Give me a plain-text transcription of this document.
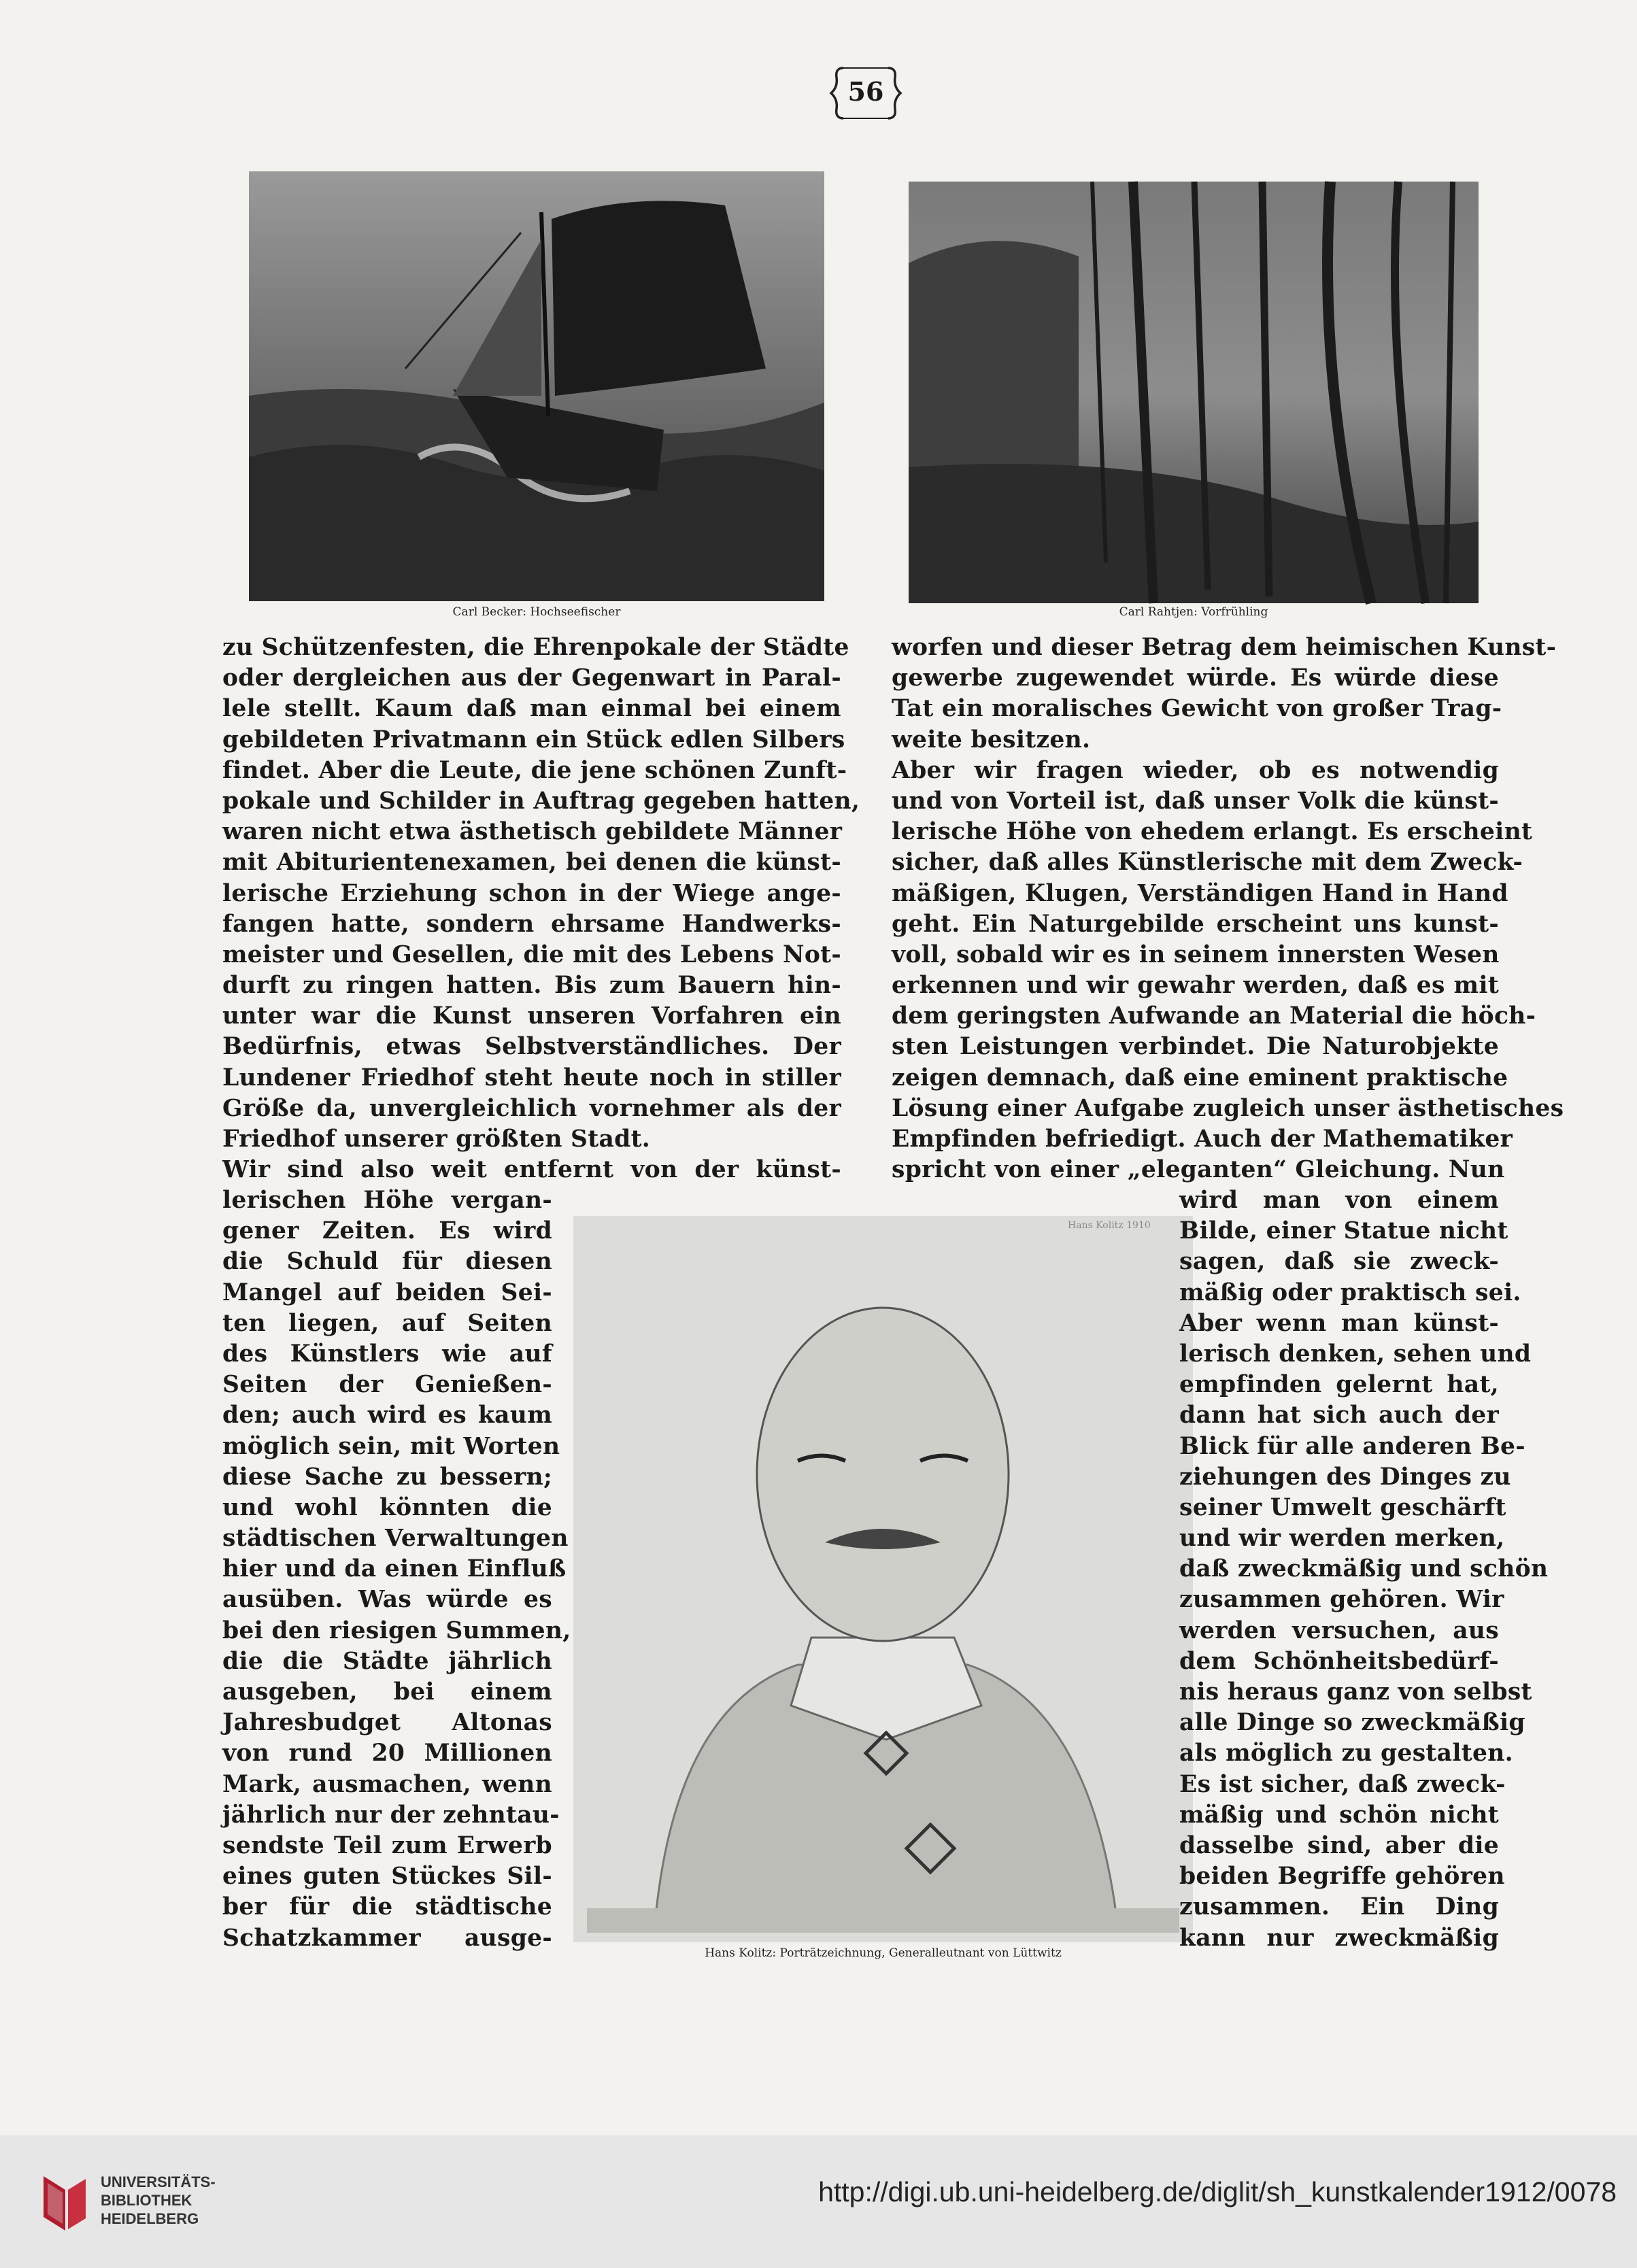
56
Carl Becker: Hochseefischer	Carl Rahtjen: Vorfrühling
Hans Kolitz 1910
Hans Kolitz: Porträtzeichnung, Generalleutnant von Lüttwitz
zu Schützenfesten, die Ehrenpokale der Städte
oder dergleichen aus der Gegenwart in Paral-
lele stellt. Kaum daß man einmal bei einem
gebildeten Privatmann ein Stück edlen Silbers
findet. Aber die Leute, die jene schönen Zunft-
pokale und Schilder in Auftrag gegeben hatten,
waren nicht etwa ästhetisch gebildete Männer
mit Abiturientenexamen, bei denen die künst-
lerische Erziehung schon in der Wiege ange-
fangen hatte, sondern ehrsame Handwerks-
meister und Gesellen, die mit des Lebens Not-
durft zu ringen hatten. Bis zum Bauern hin-
unter war die Kunst unseren Vorfahren ein
Bedürfnis, etwas Selbstverständliches. Der
Lundener Friedhof steht heute noch in stiller
Größe da, unvergleichlich vornehmer als der
Friedhof unserer größten Stadt.
Wir sind also weit entfernt von der künst-
lerischen Höhe vergan-
gener Zeiten. Es wird
die Schuld für diesen
Mangel auf beiden Sei-
ten liegen, auf Seiten
des Künstlers wie auf
Seiten der Genießen-
den; auch wird es kaum
möglich sein, mit Worten
diese Sache zu bessern;
und wohl könnten die
städtischen Verwaltungen
hier und da einen Einfluß
ausüben. Was würde es
bei den riesigen Summen,
die die Städte jährlich
ausgeben, bei einem
Jahresbudget Altonas
von rund 20 Millionen
Mark, ausmachen, wenn
jährlich nur der zehntau-
sendste Teil zum Erwerb
eines guten Stückes Sil-
ber für die städtische
Schatzkammer ausge-
worfen und dieser Betrag dem heimischen Kunst-
gewerbe zugewendet würde. Es würde diese
Tat ein moralisches Gewicht von großer Trag-
weite besitzen.
Aber wir fragen wieder, ob es notwendig
und von Vorteil ist, daß unser Volk die künst-
lerische Höhe von ehedem erlangt. Es erscheint
sicher, daß alles Künstlerische mit dem Zweck-
mäßigen, Klugen, Verständigen Hand in Hand
geht. Ein Naturgebilde erscheint uns kunst-
voll, sobald wir es in seinem innersten Wesen
erkennen und wir gewahr werden, daß es mit
dem geringsten Aufwande an Material die höch-
sten Leistungen verbindet. Die Naturobjekte
zeigen demnach, daß eine eminent praktische
Lösung einer Aufgabe zugleich unser ästhetisches
Empfinden befriedigt. Auch der Mathematiker
spricht von einer „eleganten“ Gleichung. Nun
wird man von einem
Bilde, einer Statue nicht
sagen, daß sie zweck-
mäßig oder praktisch sei.
Aber wenn man künst-
lerisch denken, sehen und
empfinden gelernt hat,
dann hat sich auch der
Blick für alle anderen Be-
ziehungen des Dinges zu
seiner Umwelt geschärft
und wir werden merken,
daß zweckmäßig und schön
zusammen gehören. Wir
werden versuchen, aus
dem Schönheitsbedürf-
nis heraus ganz von selbst
alle Dinge so zweckmäßig
als möglich zu gestalten.
Es ist sicher, daß zweck-
mäßig und schön nicht
dasselbe sind, aber die
beiden Begriffe gehören
zusammen. Ein Ding
kann nur zweckmäßig
UNIVERSITÄTS-
BIBLIOTHEK
HEIDELBERG
http://digi.ub.uni-heidelberg.de/diglit/sh_kunstkalender1912/0078
